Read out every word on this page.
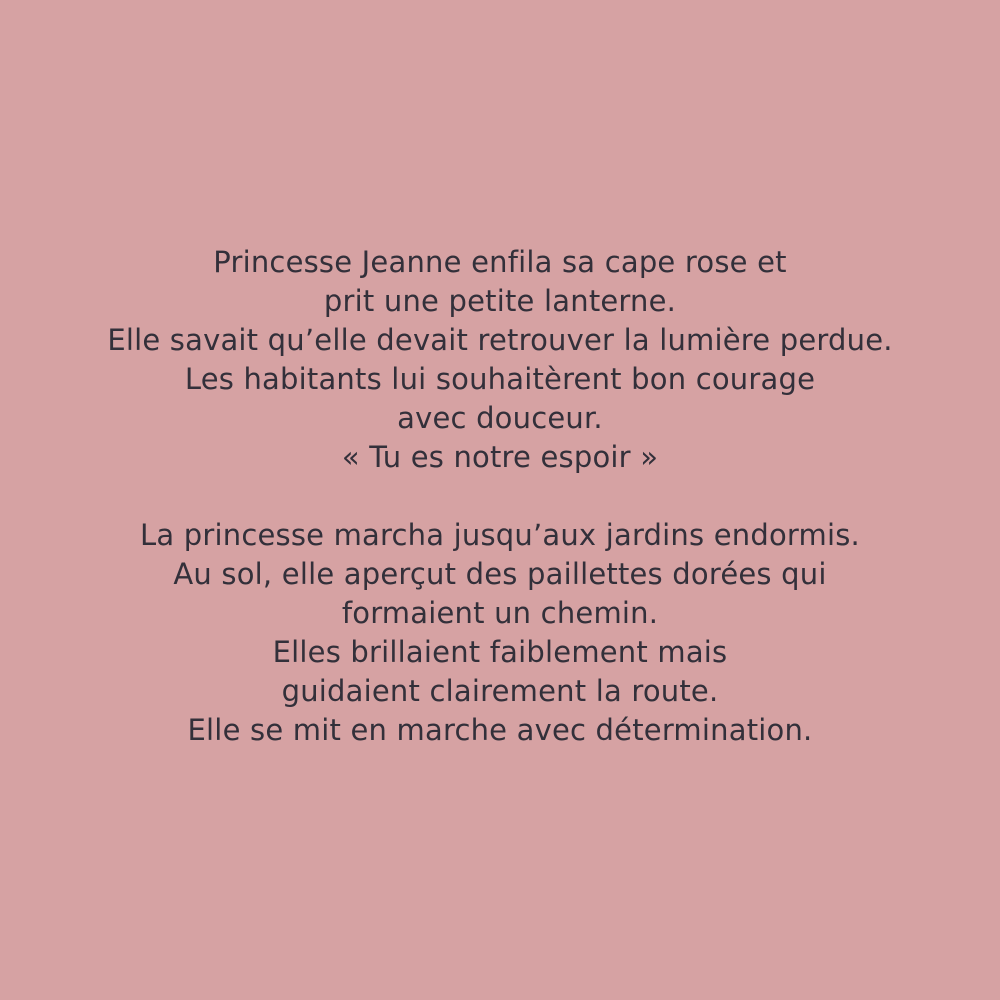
Princesse Jeanne enfila sa cape rose et
prit une petite lanterne.
Elle savait qu’elle devait retrouver la lumière perdue.
Les habitants lui souhaitèrent bon courage
avec douceur.
« Tu es notre espoir »
La princesse marcha jusqu’aux jardins endormis.
Au sol, elle aperçut des paillettes dorées qui
formaient un chemin.
Elles brillaient faiblement mais
guidaient clairement la route.
Elle se mit en marche avec détermination.
